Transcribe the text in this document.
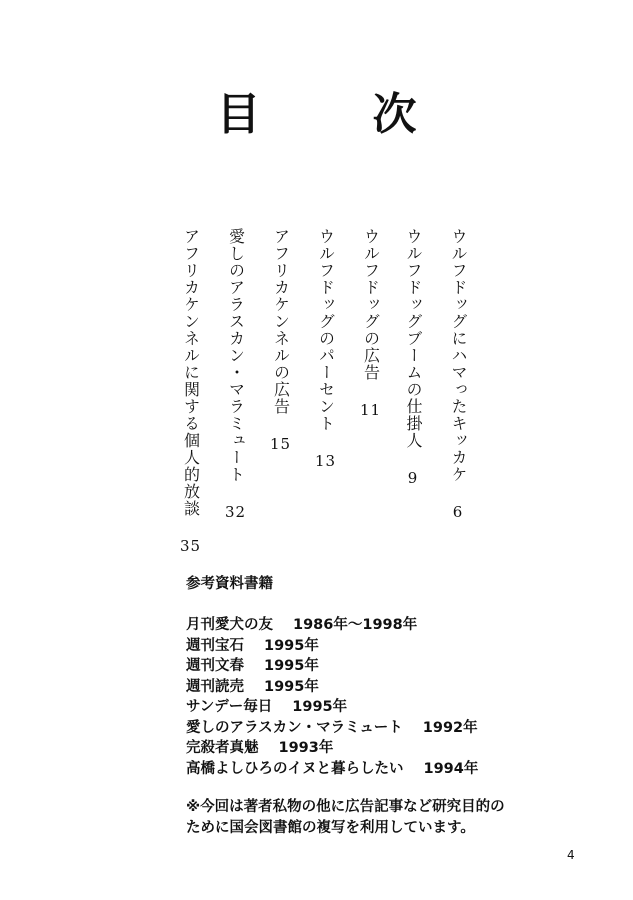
目　次
ウルフドッグにハマったキッカケ6
ウルフドッグブームの仕掛人9
ウルフドッグの広告11
ウルフドッグのパーセント13
アフリカケンネルの広告15
愛しのアラスカン・マラミュート32
アフリカケンネルに関する個人的放談35
参考資料書籍
月刊愛犬の友 1986年〜1998年
週刊宝石 1995年
週刊文春 1995年
週刊読売 1995年
サンデー毎日 1995年
愛しのアラスカン・マラミュート 1992年
完殺者真魅 1993年
高橋よしひろのイヌと暮らしたい 1994年
※今回は著者私物の他に広告記事など研究目的の
ために国会図書館の複写を利用しています。
4
